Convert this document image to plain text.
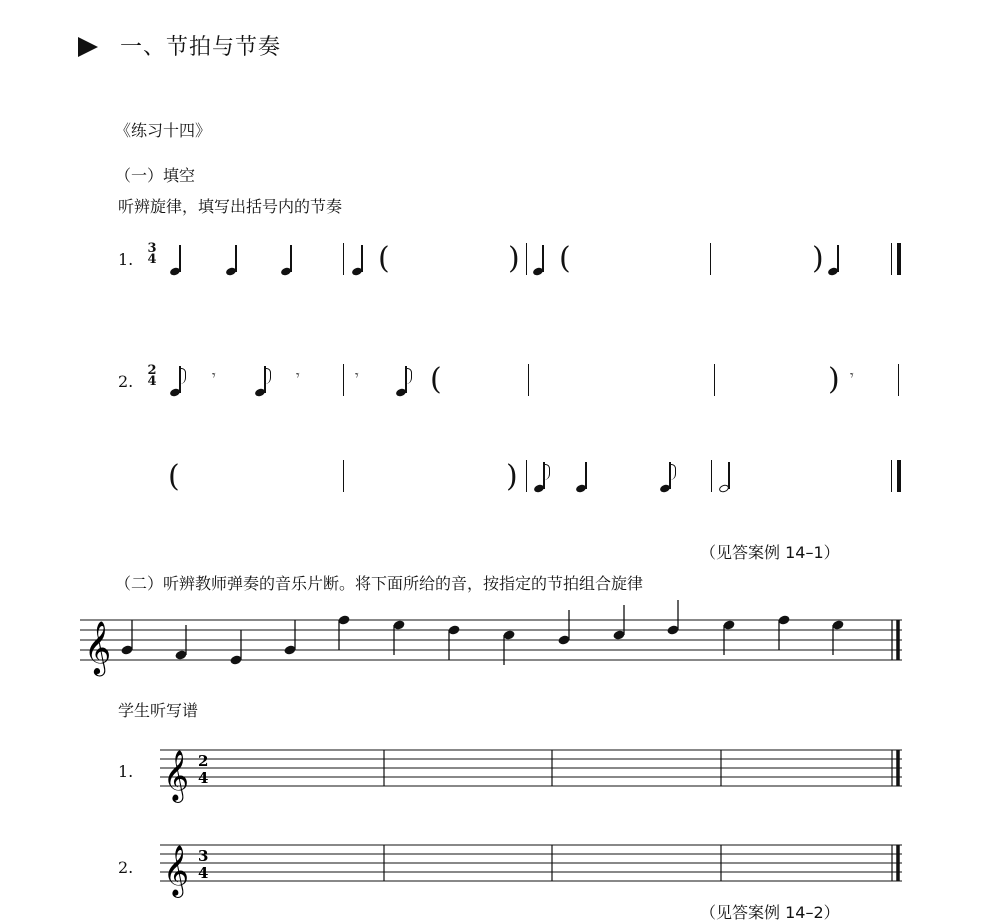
一、节拍与节奏
《练习十四》
（一）填空
听辨旋律，填写出括号内的节奏
1.
3
4	(	) (	)
2.
2
4	𝄾	𝄾	𝄾 (	) 𝄾
(	)
（见答案例 14–1）
（二）听辨教师弹奏的音乐片断。将下面所给的音，按指定的节拍组合旋律
𝄞
学生听写谱
1. 𝄞 2
4
2. 𝄞 3
4
（见答案例 14–2）
